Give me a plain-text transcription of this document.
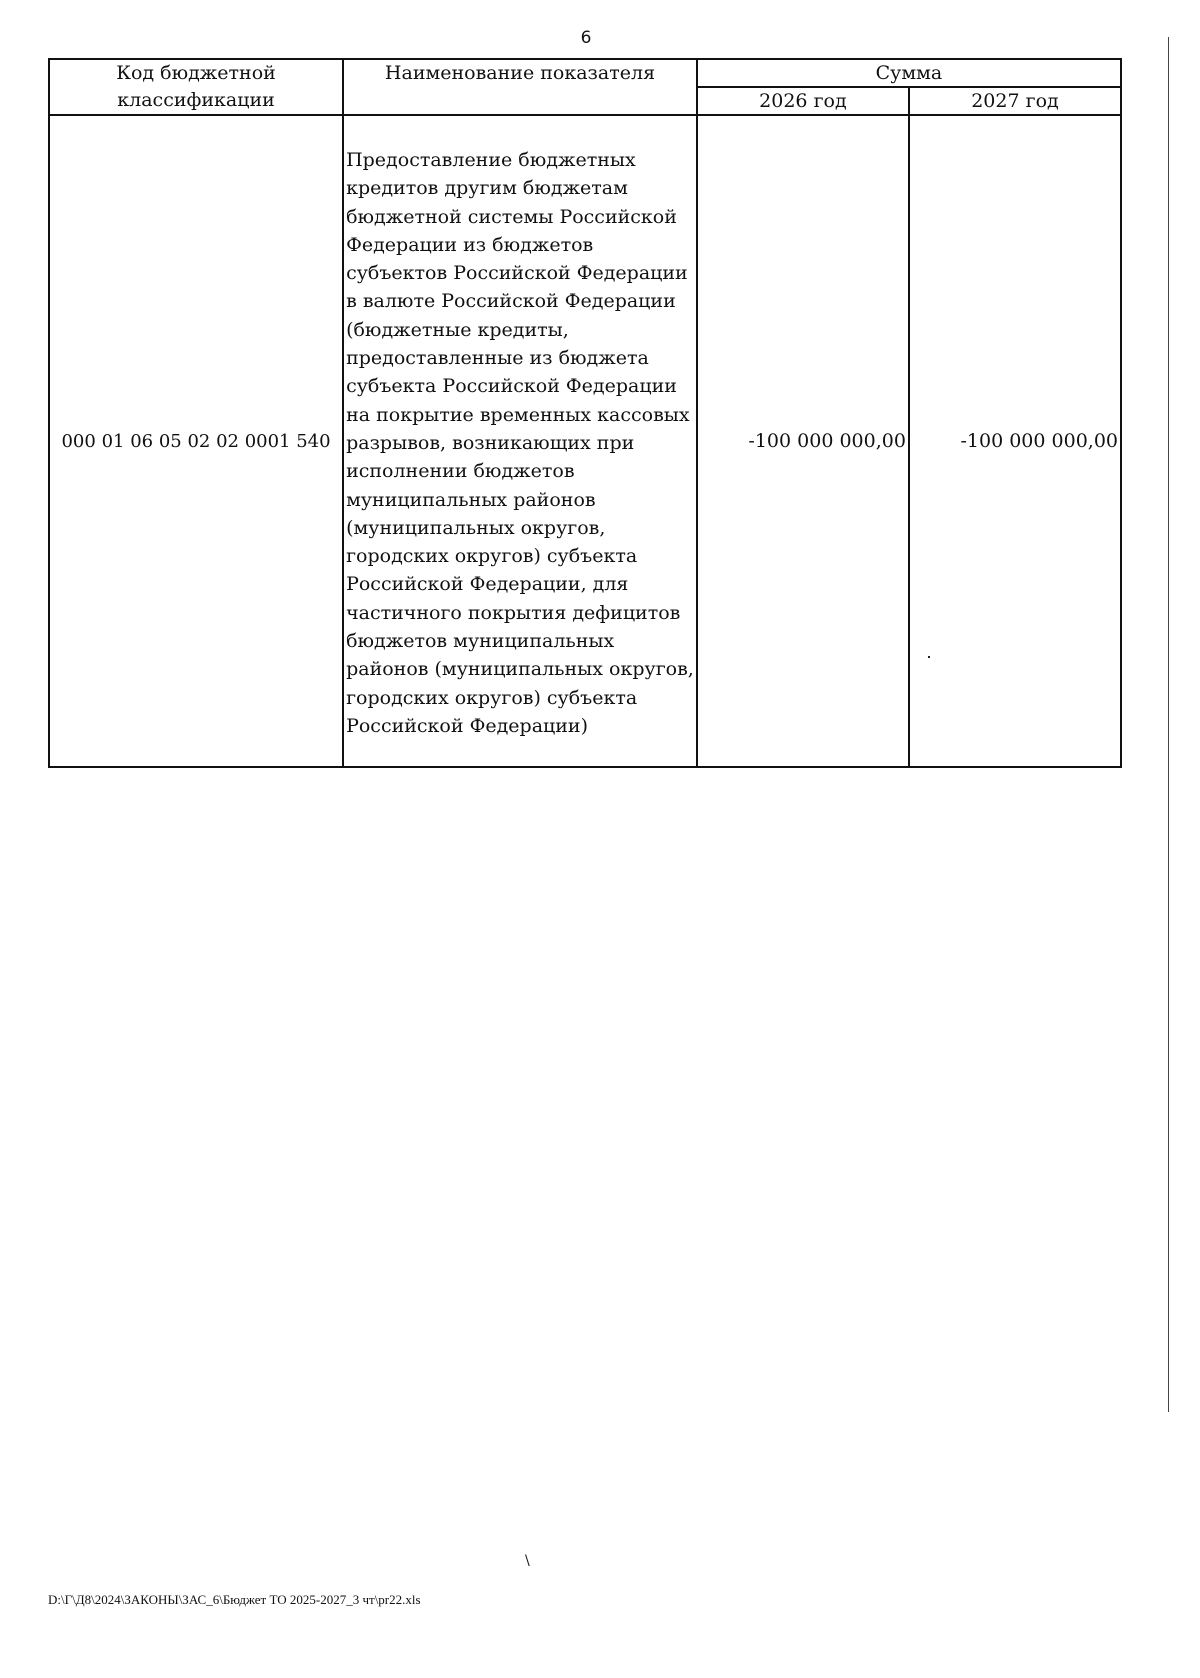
6
Код бюджетной классификации	Наименование показателя	Сумма	
		2026 год	2027 год
000 01 06 05 02 02 0001 540	Предоставление бюджетных кредитов другим бюджетам бюджетной системы Российской Федерации из бюджетов субъектов Российской Федерации в валюте Российской Федерации (бюджетные кредиты, предоставленные из бюджета субъекта Российской Федерации на покрытие временных кассовых разрывов, возникающих при исполнении бюджетов муниципальных районов (муниципальных округов, городских округов) субъекта Российской Федерации, для частичного покрытия дефицитов бюджетов муниципальных районов (муниципальных округов, городских округов) субъекта Российской Федерации)	-100 000 000,00	-100 000 000,00
\
D:\Г\Д8\2024\ЗАКОНЫ\ЗАС_6\Бюджет ТО 2025-2027_3 чт\pr22.xls
